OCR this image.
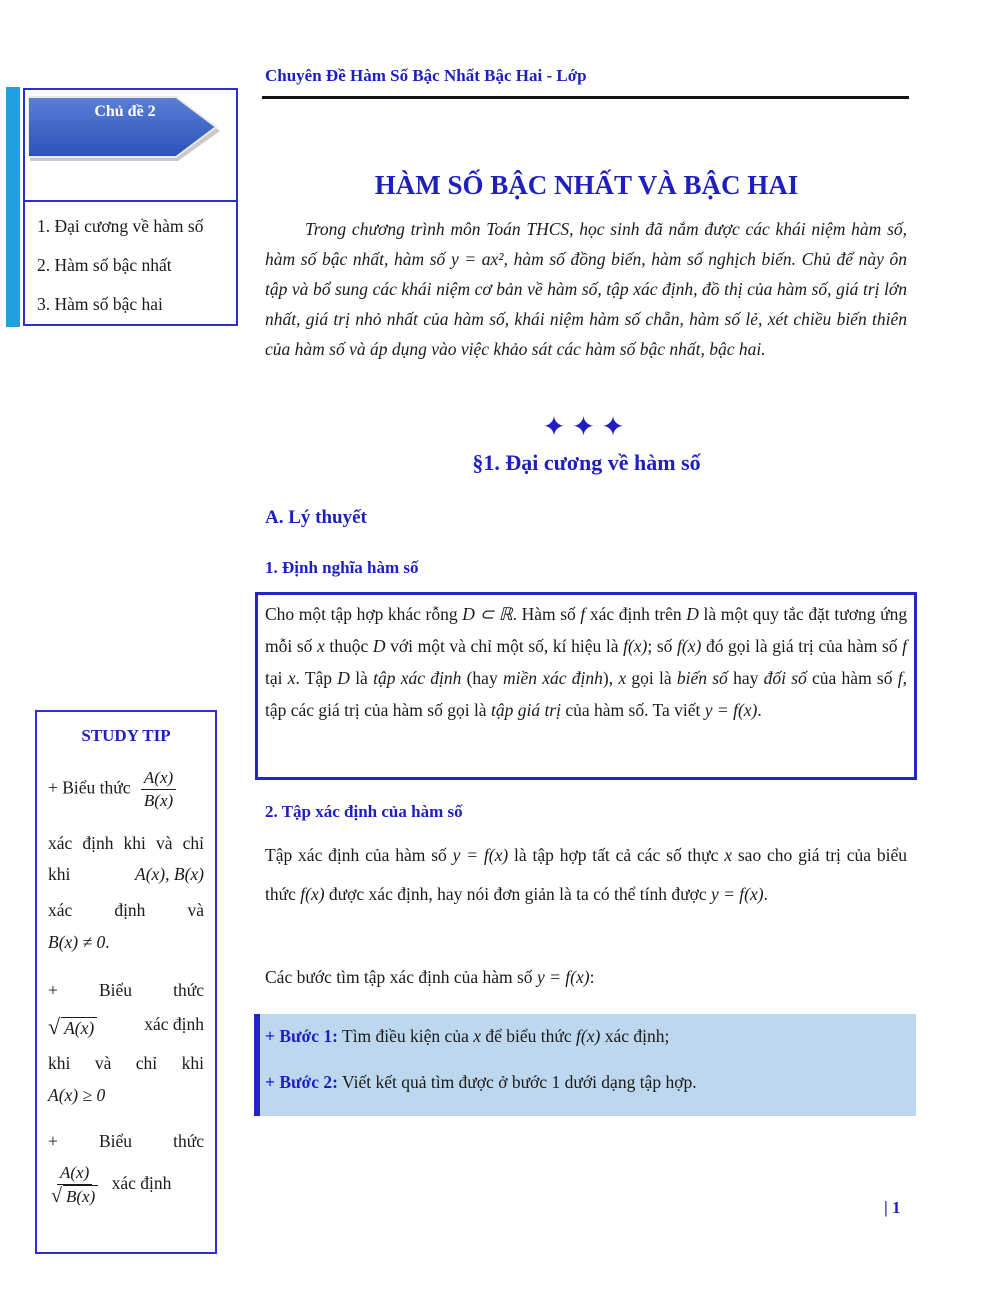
Chuyên Đề Hàm Số Bậc Nhất Bậc Hai - Lớp
Chủ đề 2
1. Đại cương về hàm số
2. Hàm số bậc nhất
3. Hàm số bậc hai
HÀM SỐ BẬC NHẤT VÀ BẬC HAI
Trong chương trình môn Toán THCS, học sinh đã nắm được các khái niệm hàm số, hàm số bậc nhất, hàm số y = ax², hàm số đồng biến, hàm số nghịch biến. Chủ để này ôn tập và bổ sung các khái niệm cơ bản về hàm số, tập xác định, đồ thị của hàm số, giá trị lớn nhất, giá trị nhỏ nhất của hàm số, khái niệm hàm số chẵn, hàm số lẻ, xét chiều biến thiên của hàm số và áp dụng vào việc khảo sát các hàm số bậc nhất, bậc hai.
✦✦✦
§1. Đại cương về hàm số
A. Lý thuyết
1. Định nghĩa hàm số
Cho một tập hợp khác rỗng D ⊂ ℝ. Hàm số f xác định trên D là một quy tắc đặt tương ứng mỗi số x thuộc D với một và chỉ một số, kí hiệu là f(x); số f(x) đó gọi là giá trị của hàm số f tại x. Tập D là tập xác định (hay miền xác định), x gọi là biến số hay đối số của hàm số f, tập các giá trị của hàm số gọi là tập giá trị của hàm số. Ta viết y = f(x).
2. Tập xác định của hàm số
Tập xác định của hàm số y = f(x) là tập hợp tất cả các số thực x sao cho giá trị của biểu thức f(x) được xác định, hay nói đơn giản là ta có thể tính được y = f(x).
Các bước tìm tập xác định của hàm số y = f(x):
+ Bước 1: Tìm điều kiện của x để biểu thức f(x) xác định;
+ Bước 2: Viết kết quả tìm được ở bước 1 dưới dạng tập hợp.
| 1
STUDY TIP
+ Biểu thức $\frac{A(x)}{B(x)}$
xác định khi và chỉ
khi	A(x), B(x)
xác định và
B(x) ≠ 0.
+ Biểu thức
√ A(x)	xác định
khi và chỉ khi
A(x) ≥ 0
+ Biểu thức
$\frac{A(x)}{√ B(x)}$ xác định
